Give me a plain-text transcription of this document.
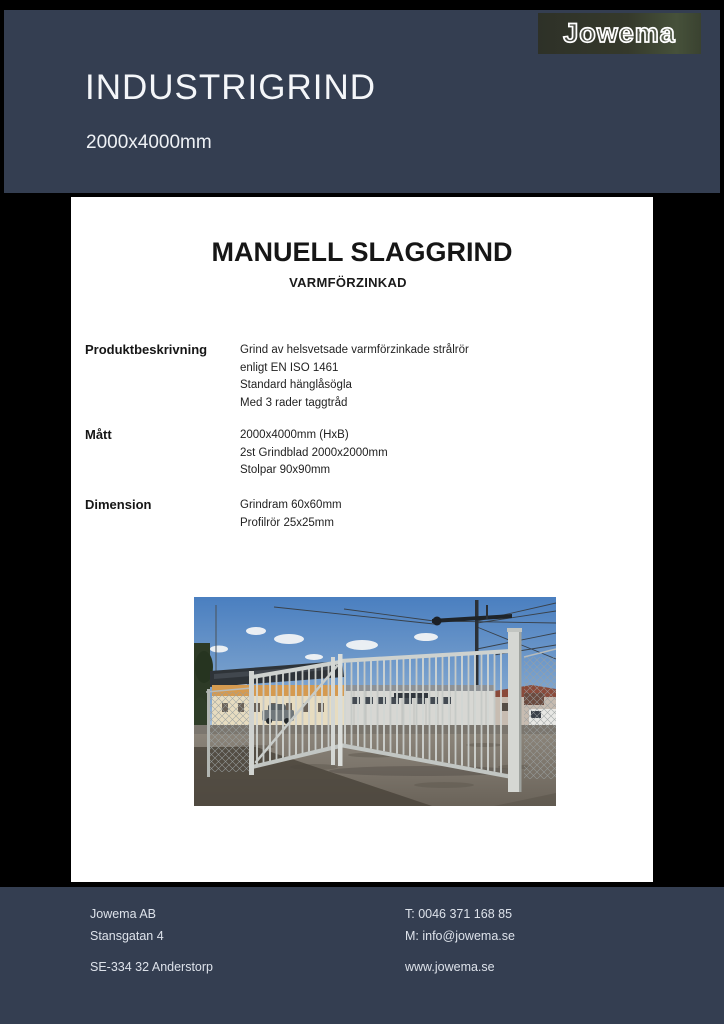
Jowema
INDUSTRIGRIND
2000x4000mm
MANUELL SLAGGRIND
VARMFÖRZINKAD
Produktbeskrivning	Grind av helsvetsade varmförzinkade strålrör
enligt EN ISO 1461
Standard hänglåsögla
Med 3 rader taggtråd
Mått	2000x4000mm (HxB)
2st Grindblad 2000x2000mm
Stolpar 90x90mm
Dimension	Grindram 60x60mm
Profilrör 25x25mm
Jowema AB
Stansgatan 4
SE-334 32 Anderstorp
T: 0046 371 168 85
M: info@jowema.se
www.jowema.se
